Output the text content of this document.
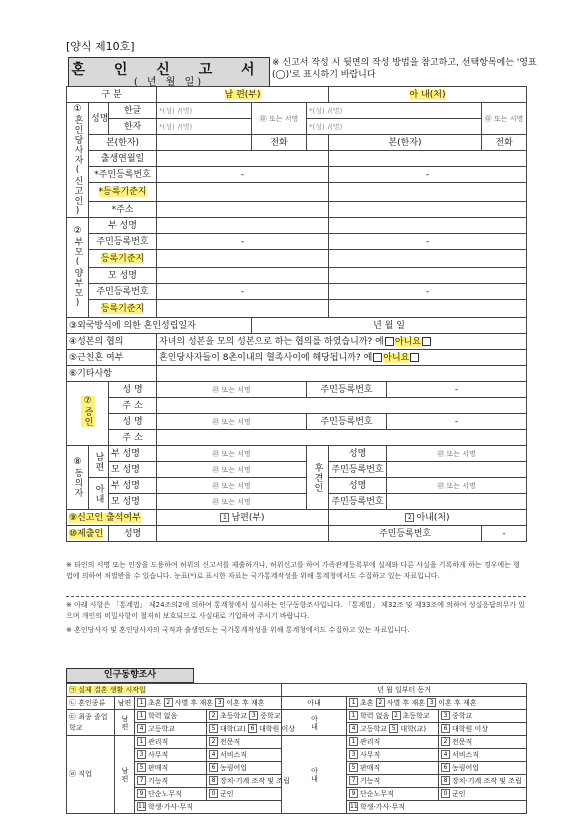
[양식 제10호]
혼 인 신 고 서
( 년 월 일)
※ 신고서 작성 시 뒷면의 작성 방법을 참고하고, 선택항목에는 '영표(◯)'로 표시하기 바랍니다
구 분			남 편(부)			아 내(처)		
①혼인당사자(신고인)	성명	한글	*(성) /(명)	㊞ 또는 서명	*(성) /(명)			㊞ 또는 서명
		한자	*(성) /(명)		*(성) /(명)			
	본(한자)			전화		본(한자)		전화
	출생연월일							
	*주민등록번호		-			-		
	*등록기준지							
	*주소							

②부모(양부모)	부 성명							
	주민등록번호		-			-		
	등록기준지							
	모 성명							
	주민등록번호		-			-		
	등록기준지							
③외국방식에 의한 혼인성립일자				년 월 일				
④성본의 협의			자녀의 성본을 모의 성본으로 하는 협의를 하였습니까? 예 아니요					
⑤근친혼 여부			혼인당사자들이 8촌이내의 혈족사이에 해당됩니까? 예 아니요					
⑥기타사항								
⑦증인		성 명	㊞ 또는 서명		주민등록번호		-	
		주 소						
		성 명	㊞ 또는 서명		주민등록번호		-	
		주 소						
⑧동의자	남편	부 성명	㊞ 또는 서명		후견인	성명	㊞ 또는 서명	
		모 성명	㊞ 또는 서명			주민등록번호		
	아내	부 성명	㊞ 또는 서명			성명	㊞ 또는 서명	
		모 성명	㊞ 또는 서명			주민등록번호		

⑨신고인 출석여부			1 남편(부)			2 아내(처)		
⑩제출인		성명				주민등록번호		-
※ 타인의 서명 또는 인장을 도용하여 허위의 신고서를 제출하거나, 허위신고를 하여 가족관계등록부에 실제와 다른 사실을 기록하게 하는 경우에는 형법에 의하여 처벌받을 수 있습니다. 눈표(*)로 표시한 자료는 국가통계작성을 위해 통계청에서도 수집하고 있는 자료입니다.
※ 아래 사항은 「통계법」 제24조의2에 의하여 통계청에서 실시하는 인구동향조사입니다. 「통계법」 제32조 및 제33조에 의하여 성실응답의무가 있으며 개인의 비밀사항이 철저히 보호되므로 사실대로 기입하여 주시기 바랍니다.
※ 혼인당사자 및 혼인당사자의 국적과 출생연도는 국가통계작성을 위해 통계청에서도 수집하고 있는 자료입니다.
인구동향조사
㉠ 실제 결혼 생활 시작일				년 월 일부터 동거		
㉡ 혼인종류	남편	1 초혼 2 사별 후 재혼 3 이혼 후 재혼		아내	1 초혼 2 사별 후 재혼 3 이혼 후 재혼	
㉢ 최종 졸업학교	남편	1 학력 없음	2 초등학교 3 중학교	아내	1 학력 없음 2 초등학교	3 중학교
		4 고등학교	5 대학(교) 6 대학원 이상		4 고등학교 5 대학(교)	6 대학원 이상
㉣ 직업	남편	1 관리직	2 전문직	아내	1 관리직	2 전문직
		3 사무직	4 서비스직		3 사무직	4 서비스직
		5 판매직	6 농림어업		5 판매직	6 농림어업
		7 기능직	8 장치·기계 조작 및 조립		7 기능직	8 장치·기계 조작 및 조립
		9 단순노무직	0 군인		9 단순노무직	0 군인
		11 학생·가사·무직			11 학생·가사·무직	
